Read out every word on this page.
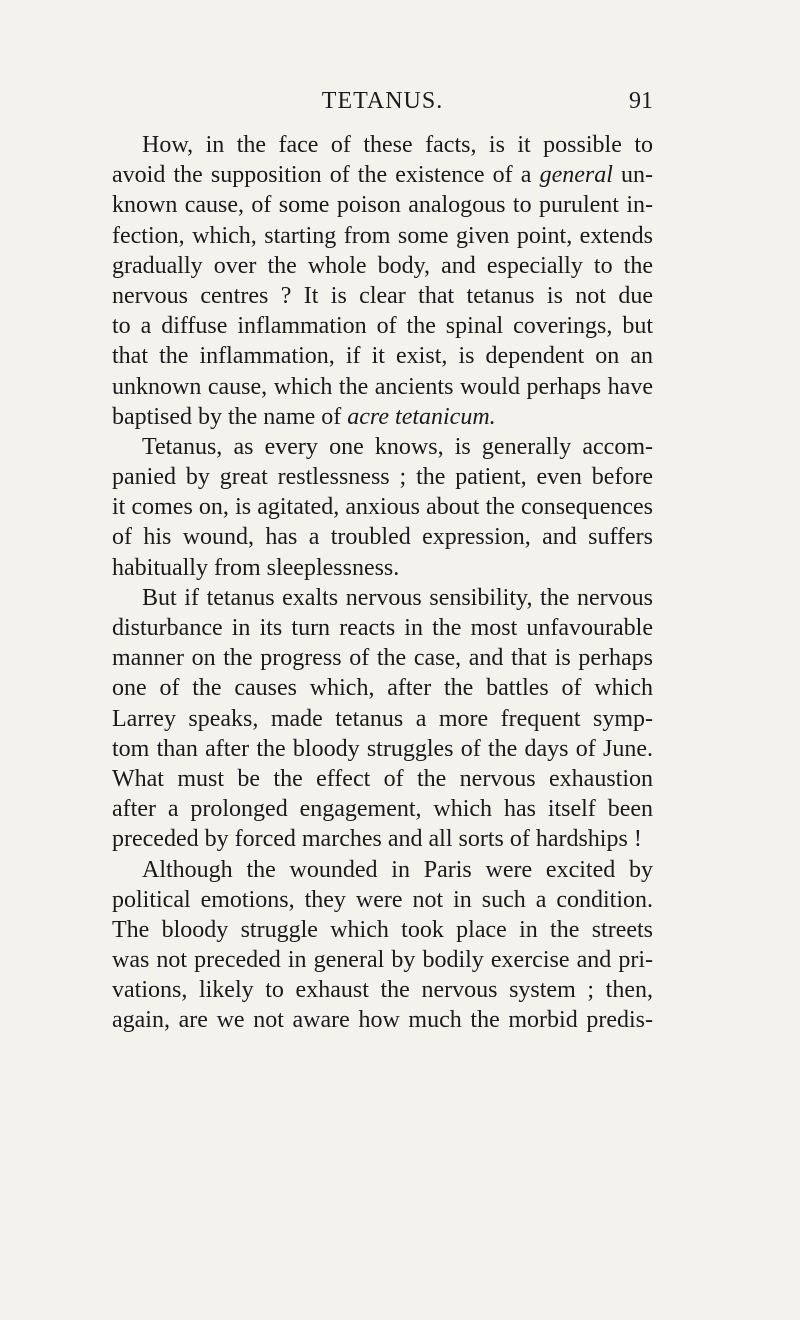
TETANUS.	91
How, in the face of these facts, is it possible to
avoid the supposition of the existence of a general un-
known cause, of some poison analogous to purulent in-
fection, which, starting from some given point, extends
gradually over the whole body, and especially to the
nervous centres ? It is clear that tetanus is not due
to a diffuse inflammation of the spinal coverings, but
that the inflammation, if it exist, is dependent on an
unknown cause, which the ancients would perhaps have
baptised by the name of acre tetanicum.
Tetanus, as every one knows, is generally accom-
panied by great restlessness ; the patient, even before
it comes on, is agitated, anxious about the consequences
of his wound, has a troubled expression, and suffers
habitually from sleeplessness.
But if tetanus exalts nervous sensibility, the nervous
disturbance in its turn reacts in the most unfavourable
manner on the progress of the case, and that is perhaps
one of the causes which, after the battles of which
Larrey speaks, made tetanus a more frequent symp-
tom than after the bloody struggles of the days of June.
What must be the effect of the nervous exhaustion
after a prolonged engagement, which has itself been
preceded by forced marches and all sorts of hardships !
Although the wounded in Paris were excited by
political emotions, they were not in such a condition.
The bloody struggle which took place in the streets
was not preceded in general by bodily exercise and pri-
vations, likely to exhaust the nervous system ; then,
again, are we not aware how much the morbid predis-
